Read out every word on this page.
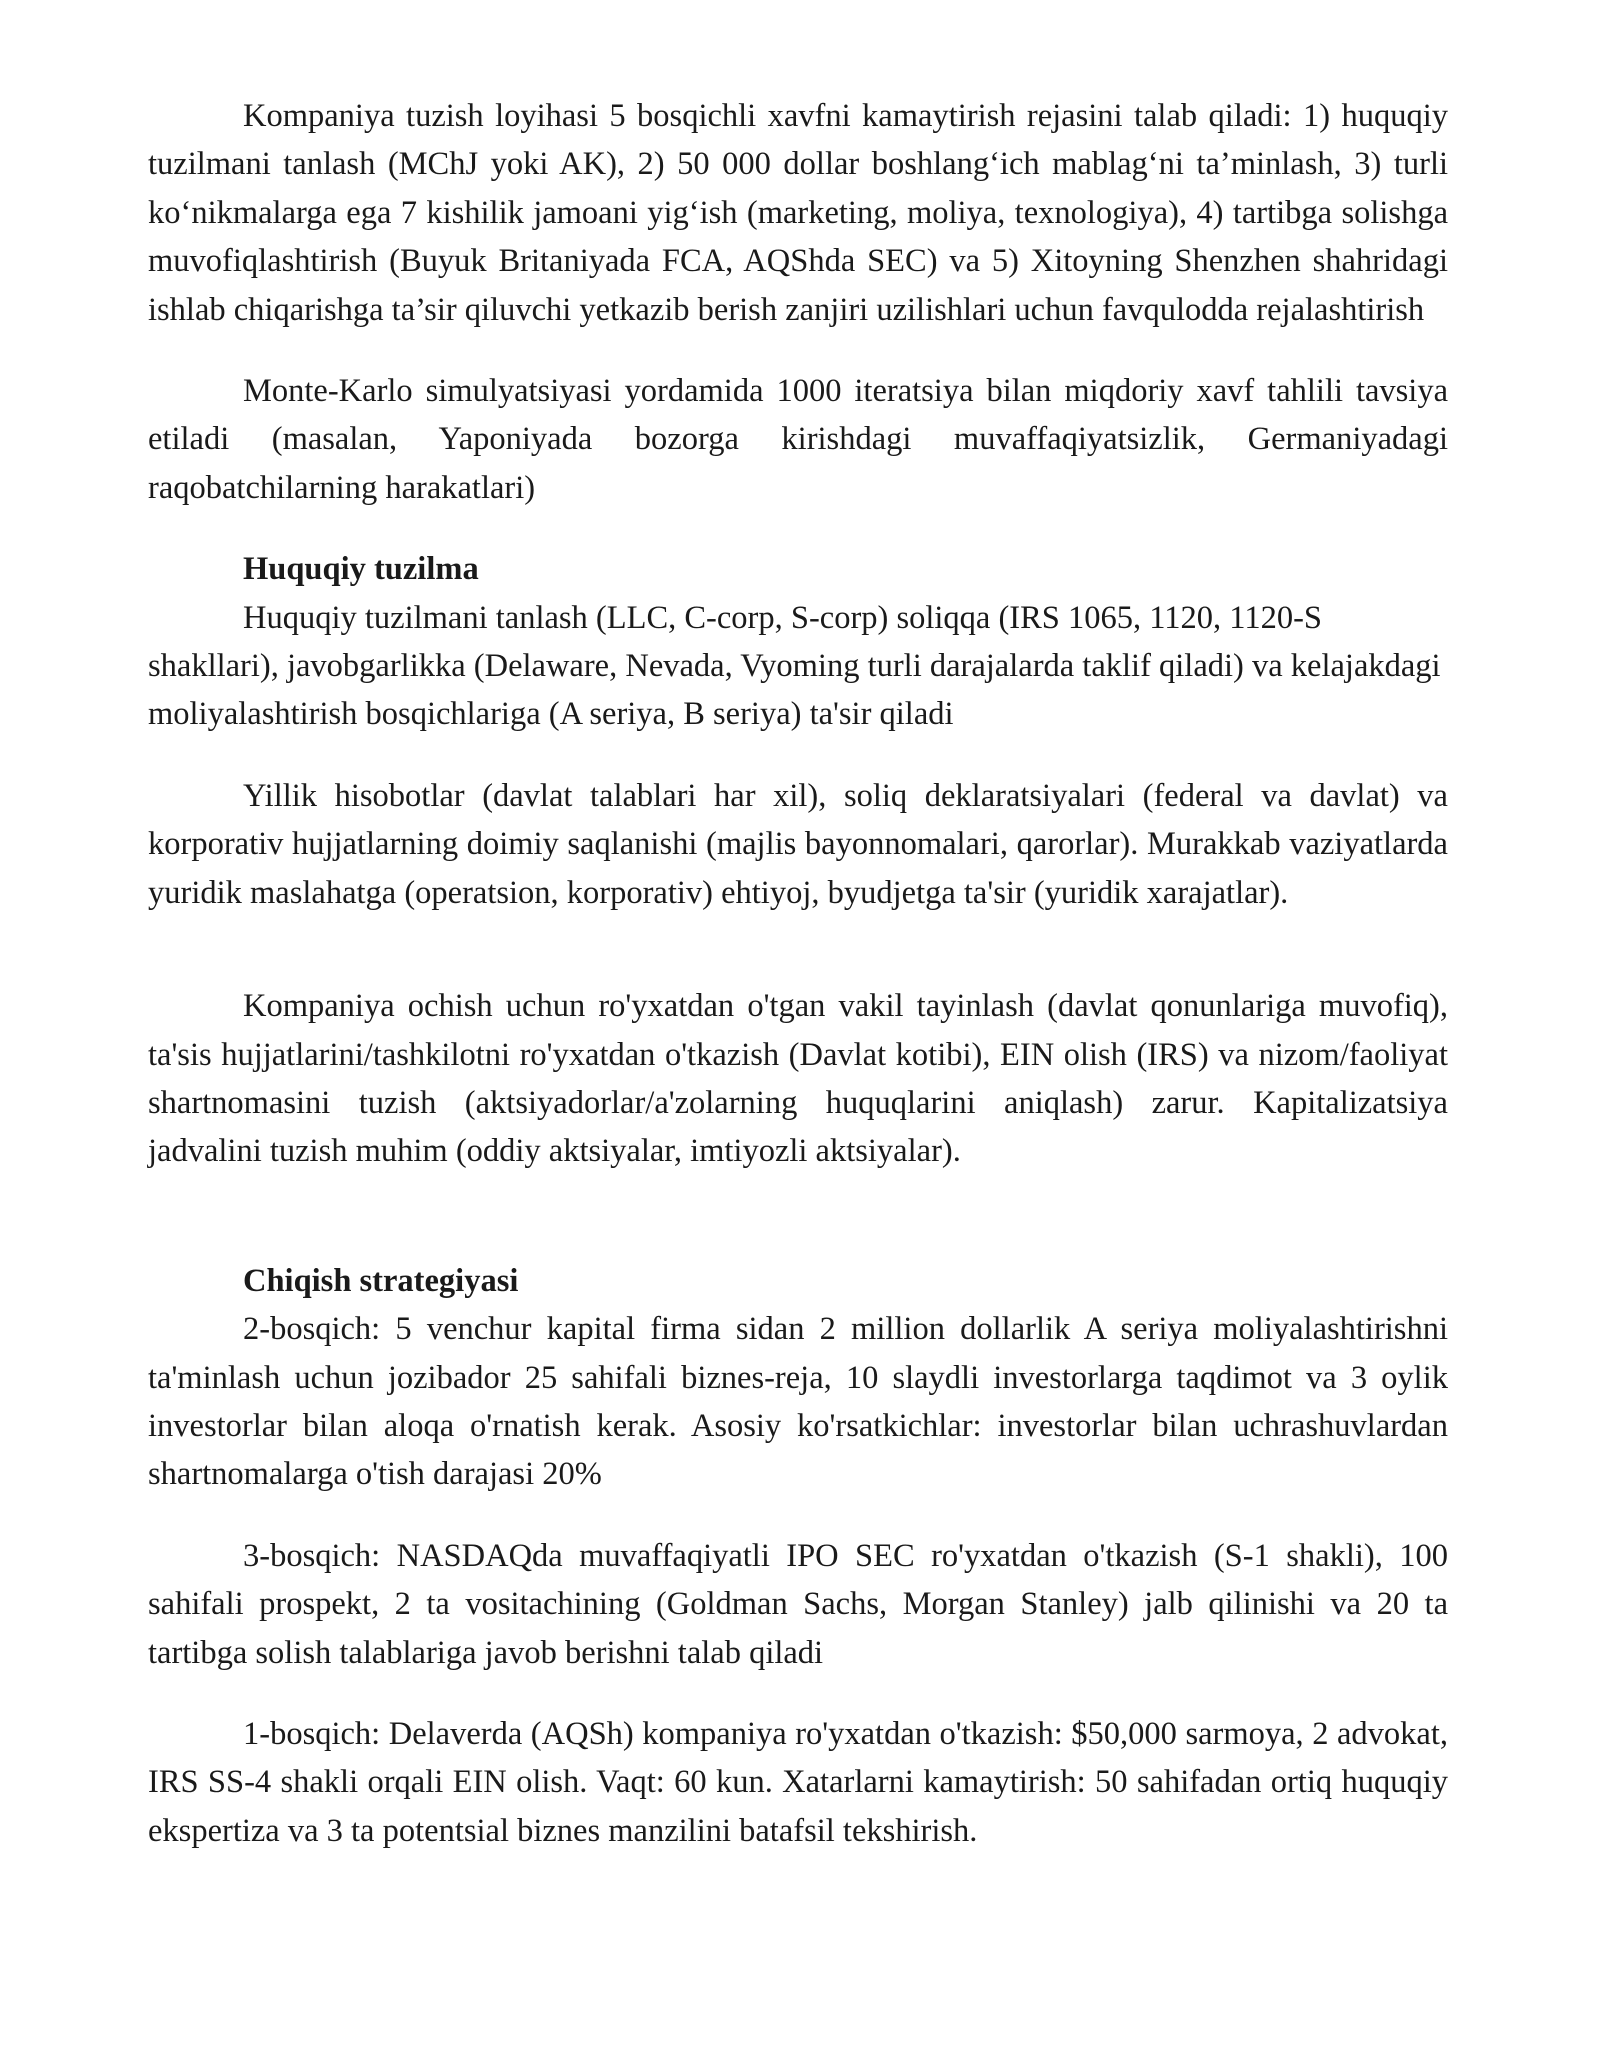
Kompaniya tuzish loyihasi 5 bosqichli xavfni kamaytirish rejasini talab qiladi: 1) huquqiy tuzilmani tanlash (MChJ yoki AK), 2) 50 000 dollar boshlang‘ich mablag‘ni ta’minlash, 3) turli ko‘nikmalarga ega 7 kishilik jamoani yig‘ish (marketing, moliya, texnologiya), 4) tartibga solishga muvofiqlashtirish (Buyuk Britaniyada FCA, AQShda SEC) va 5) Xitoyning Shenzhen shahridagi ishlab chiqarishga ta’sir qiluvchi yetkazib berish zanjiri uzilishlari uchun favqulodda rejalashtirish

Monte-Karlo simulyatsiyasi yordamida 1000 iteratsiya bilan miqdoriy xavf tahlili tavsiya etiladi (masalan, Yaponiyada bozorga kirishdagi muvaffaqiyatsizlik, Germaniyadagi raqobatchilarning harakatlari)

Huquqiy tuzilma

Huquqiy tuzilmani tanlash (LLC, C-corp, S-corp) soliqqa (IRS 1065, 1120, 1120-S shakllari), javobgarlikka (Delaware, Nevada, Vyoming turli darajalarda taklif qiladi) va kelajakdagi moliyalashtirish bosqichlariga (A seriya, B seriya) ta'sir qiladi

Yillik hisobotlar (davlat talablari har xil), soliq deklaratsiyalari (federal va davlat) va korporativ hujjatlarning doimiy saqlanishi (majlis bayonnomalari, qarorlar). Murakkab vaziyatlarda yuridik maslahatga (operatsion, korporativ) ehtiyoj, byudjetga ta'sir (yuridik xarajatlar).

Kompaniya ochish uchun ro'yxatdan o'tgan vakil tayinlash (davlat qonunlariga muvofiq), ta'sis hujjatlarini/tashkilotni ro'yxatdan o'tkazish (Davlat kotibi), EIN olish (IRS) va nizom/faoliyat shartnomasini tuzish (aktsiyadorlar/a'zolarning huquqlarini aniqlash) zarur. Kapitalizatsiya jadvalini tuzish muhim (oddiy aktsiyalar, imtiyozli aktsiyalar).

Chiqish strategiyasi

2-bosqich: 5 venchur kapital firma sidan 2 million dollarlik A seriya moliyalashtirishni ta'minlash uchun jozibador 25 sahifali biznes-reja, 10 slaydli investorlarga taqdimot va 3 oylik investorlar bilan aloqa o'rnatish kerak. Asosiy ko'rsatkichlar: investorlar bilan uchrashuvlardan shartnomalarga o'tish darajasi 20%

3-bosqich: NASDAQda muvaffaqiyatli IPO SEC ro'yxatdan o'tkazish (S-1 shakli), 100 sahifali prospekt, 2 ta vositachining (Goldman Sachs, Morgan Stanley) jalb qilinishi va 20 ta tartibga solish talablariga javob berishni talab qiladi

1-bosqich: Delaverda (AQSh) kompaniya ro'yxatdan o'tkazish: $50,000 sarmoya, 2 advokat, IRS SS-4 shakli orqali EIN olish. Vaqt: 60 kun. Xatarlarni kamaytirish: 50 sahifadan ortiq huquqiy ekspertiza va 3 ta potentsial biznes manzilini batafsil tekshirish.
